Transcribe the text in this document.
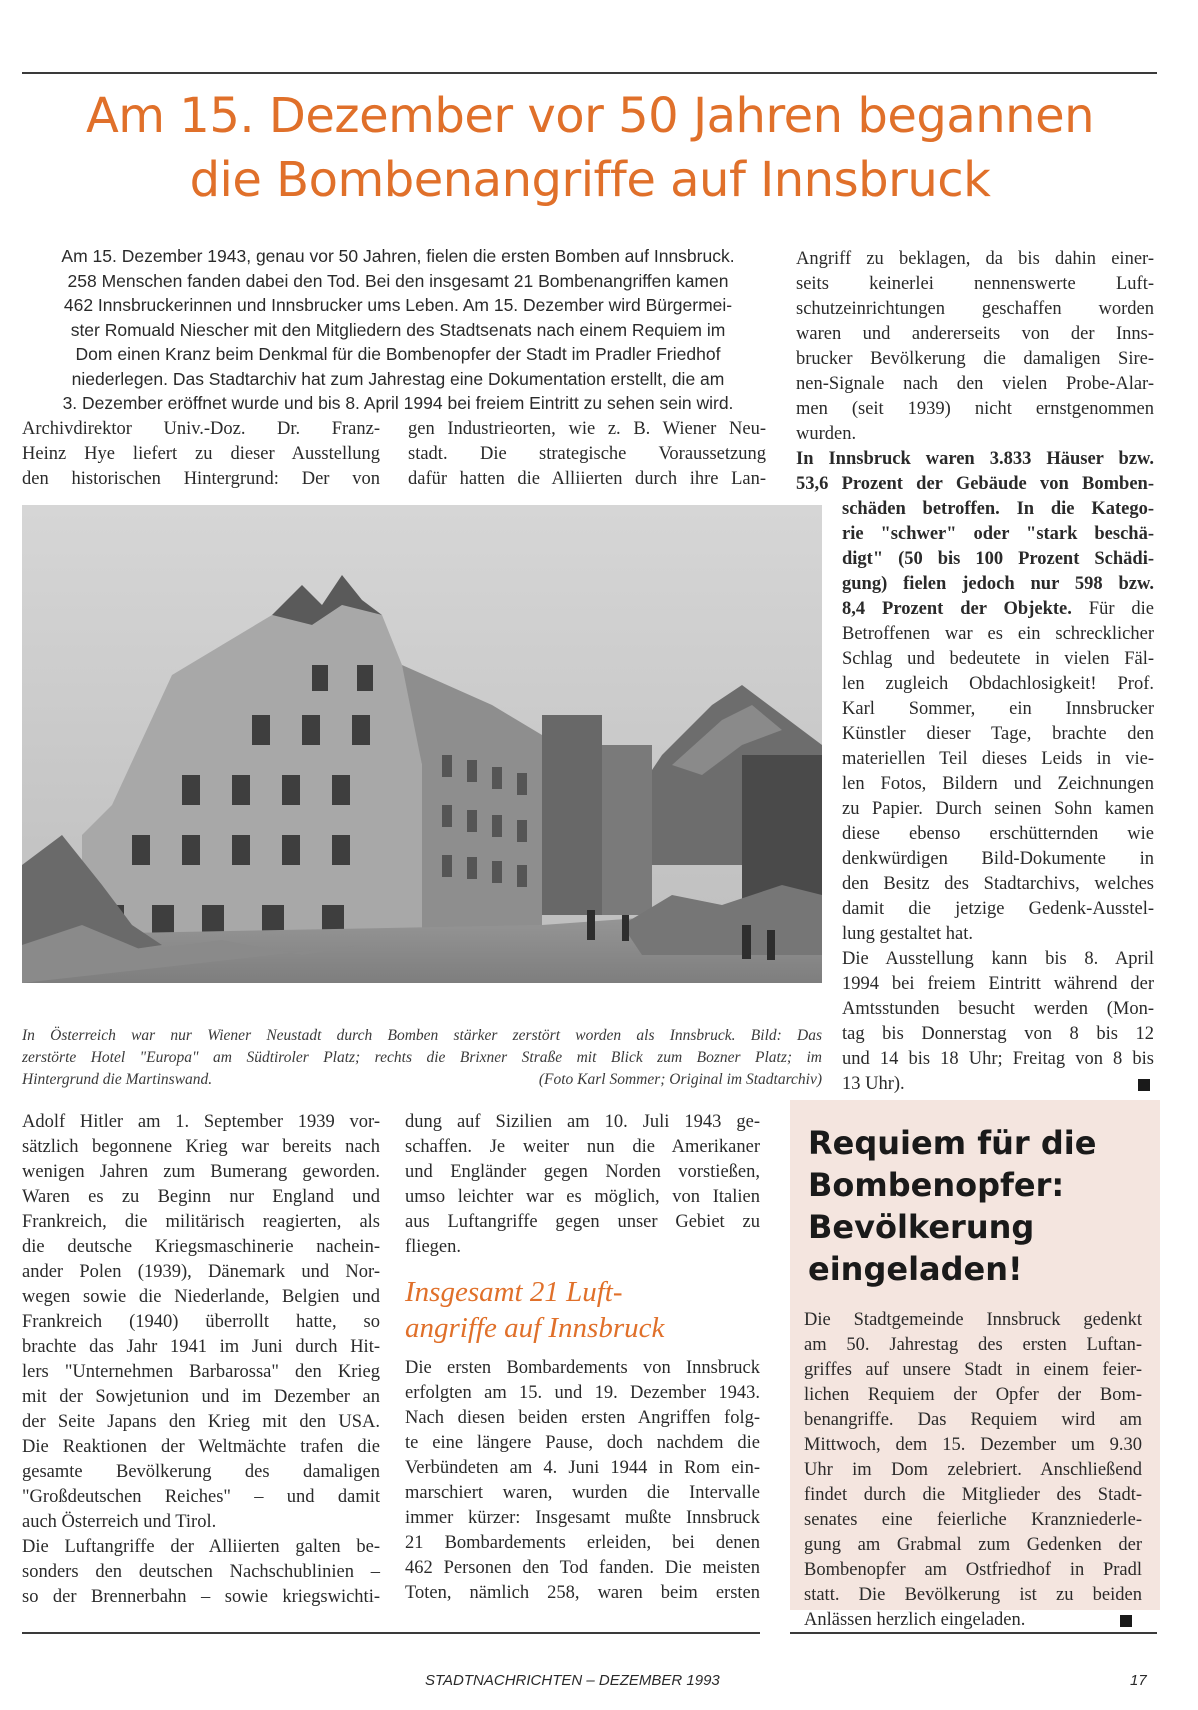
Am 15. Dezember vor 50 Jahren begannen
die Bombenangriffe auf Innsbruck
Am 15. Dezember 1943, genau vor 50 Jahren, fielen die ersten Bomben auf Innsbruck.
258 Menschen fanden dabei den Tod. Bei den insgesamt 21 Bombenangriffen kamen
462 Innsbruckerinnen und Innsbrucker ums Leben. Am 15. Dezember wird Bürgermei-
ster Romuald Niescher mit den Mitgliedern des Stadtsenats nach einem Requiem im
Dom einen Kranz beim Denkmal für die Bombenopfer der Stadt im Pradler Friedhof
niederlegen. Das Stadtarchiv hat zum Jahrestag eine Dokumentation erstellt, die am
3. Dezember eröffnet wurde und bis 8. April 1994 bei freiem Eintritt zu sehen sein wird.
Archivdirektor Univ.-Doz. Dr. Franz-
Heinz Hye liefert zu dieser Ausstellung
den historischen Hintergrund: Der von
gen Industrieorten, wie z. B. Wiener Neu-
stadt. Die strategische Voraussetzung
dafür hatten die Alliierten durch ihre Lan-
Angriff zu beklagen, da bis dahin einer-
seits keinerlei nennenswerte Luft-
schutzeinrichtungen geschaffen worden
waren und andererseits von der Inns-
brucker Bevölkerung die damaligen Sire-
nen-Signale nach den vielen Probe-Alar-
men (seit 1939) nicht ernstgenommen
wurden.
In Innsbruck waren 3.833 Häuser bzw.
53,6 Prozent der Gebäude von Bomben-
schäden betroffen. In die Katego-
rie "schwer" oder "stark beschä-
digt" (50 bis 100 Prozent Schädi-
gung) fielen jedoch nur 598 bzw.
8,4 Prozent der Objekte. Für die
Betroffenen war es ein schrecklicher
Schlag und bedeutete in vielen Fäl-
len zugleich Obdachlosigkeit! Prof.
Karl Sommer, ein Innsbrucker
Künstler dieser Tage, brachte den
materiellen Teil dieses Leids in vie-
len Fotos, Bildern und Zeichnungen
zu Papier. Durch seinen Sohn kamen
diese ebenso erschütternden wie
denkwürdigen Bild-Dokumente in
den Besitz des Stadtarchivs, welches
damit die jetzige Gedenk-Ausstel-
lung gestaltet hat.
Die Ausstellung kann bis 8. April
1994 bei freiem Eintritt während der
Amtsstunden besucht werden (Mon-
tag bis Donnerstag von 8 bis 12
und 14 bis 18 Uhr; Freitag von 8 bis
13 Uhr).
In Österreich war nur Wiener Neustadt durch Bomben stärker zerstört worden als Innsbruck. Bild: Das
zerstörte Hotel "Europa" am Südtiroler Platz; rechts die Brixner Straße mit Blick zum Bozner Platz; im
Hintergrund die Martinswand.	(Foto Karl Sommer; Original im Stadtarchiv)
Adolf Hitler am 1. September 1939 vor-
sätzlich begonnene Krieg war bereits nach
wenigen Jahren zum Bumerang geworden.
Waren es zu Beginn nur England und
Frankreich, die militärisch reagierten, als
die deutsche Kriegsmaschinerie nachein-
ander Polen (1939), Dänemark und Nor-
wegen sowie die Niederlande, Belgien und
Frankreich (1940) überrollt hatte, so
brachte das Jahr 1941 im Juni durch Hit-
lers "Unternehmen Barbarossa" den Krieg
mit der Sowjetunion und im Dezember an
der Seite Japans den Krieg mit den USA.
Die Reaktionen der Weltmächte trafen die
gesamte Bevölkerung des damaligen
"Großdeutschen Reiches" – und damit
auch Österreich und Tirol.
Die Luftangriffe der Alliierten galten be-
sonders den deutschen Nachschublinien –
so der Brennerbahn – sowie kriegswichti-
dung auf Sizilien am 10. Juli 1943 ge-
schaffen. Je weiter nun die Amerikaner
und Engländer gegen Norden vorstießen,
umso leichter war es möglich, von Italien
aus Luftangriffe gegen unser Gebiet zu
fliegen.
Insgesamt 21 Luft-
angriffe auf Innsbruck
Die ersten Bombardements von Innsbruck
erfolgten am 15. und 19. Dezember 1943.
Nach diesen beiden ersten Angriffen folg-
te eine längere Pause, doch nachdem die
Verbündeten am 4. Juni 1944 in Rom ein-
marschiert waren, wurden die Intervalle
immer kürzer: Insgesamt mußte Innsbruck
21 Bombardements erleiden, bei denen
462 Personen den Tod fanden. Die meisten
Toten, nämlich 258, waren beim ersten
Requiem für die
Bombenopfer:
Bevölkerung
eingeladen!
Die Stadtgemeinde Innsbruck gedenkt
am 50. Jahrestag des ersten Luftan-
griffes auf unsere Stadt in einem feier-
lichen Requiem der Opfer der Bom-
benangriffe. Das Requiem wird am
Mittwoch, dem 15. Dezember um 9.30
Uhr im Dom zelebriert. Anschließend
findet durch die Mitglieder des Stadt-
senates eine feierliche Kranzniederle-
gung am Grabmal zum Gedenken der
Bombenopfer am Ostfriedhof in Pradl
statt. Die Bevölkerung ist zu beiden
Anlässen herzlich eingeladen.
STADTNACHRICHTEN – DEZEMBER 1993	17
